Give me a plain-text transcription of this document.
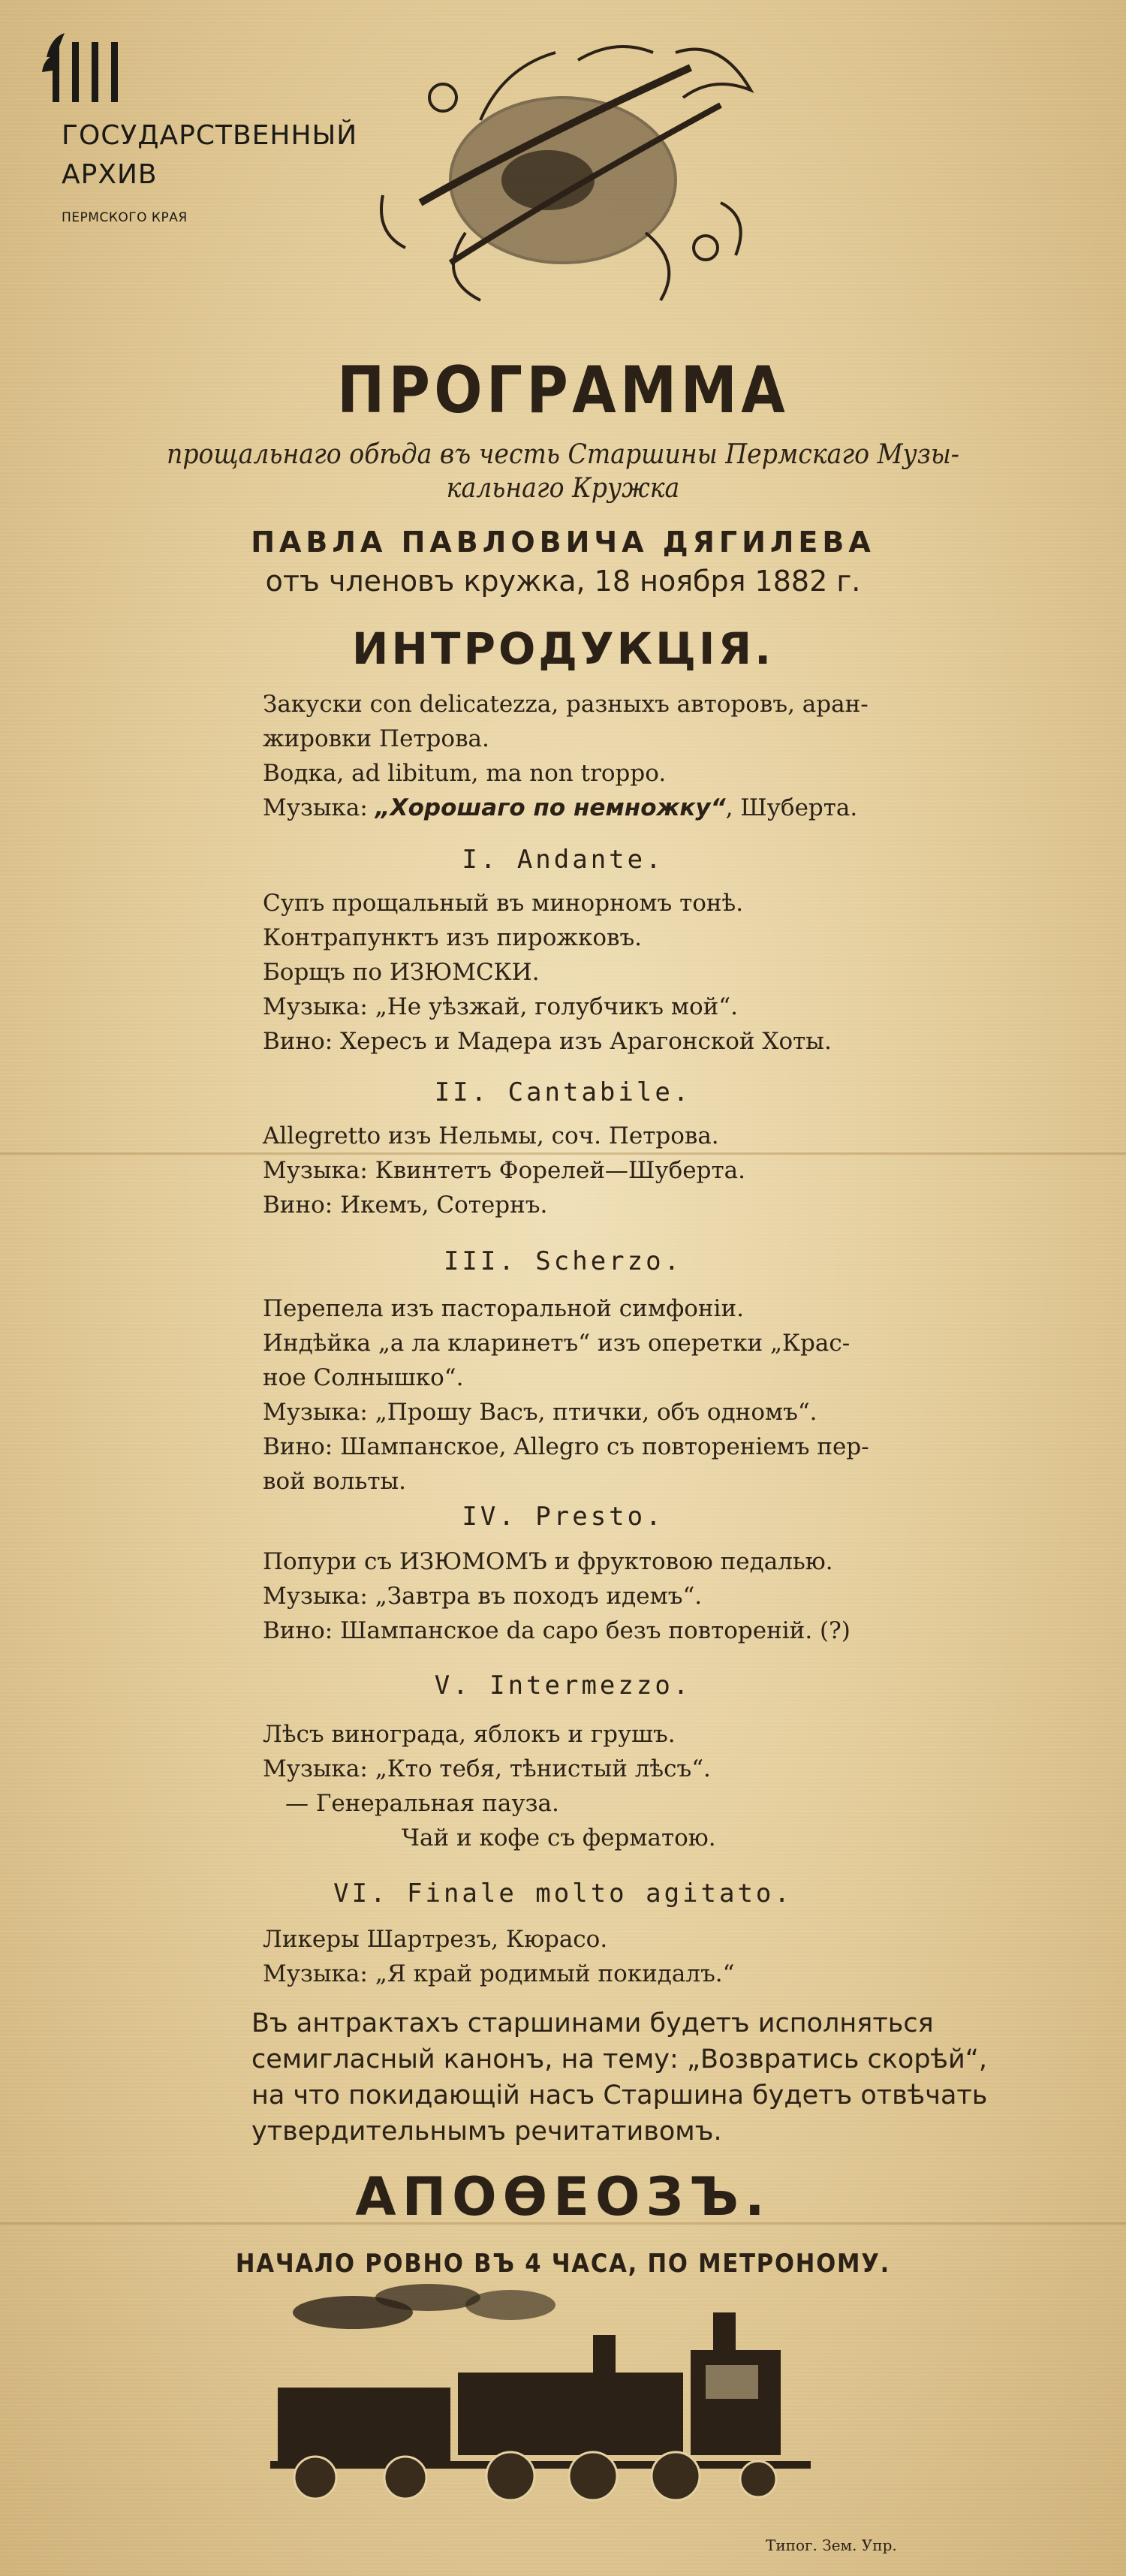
ГОСУДАРСТВЕННЫЙ
АРХИВ
ПЕРМСКОГО КРАЯ
ПРОГРАММА
прощальнаго обѣда въ честь Старшины Пермскаго Музы-
кальнаго Кружка
ПАВЛА ПАВЛОВИЧА ДЯГИЛЕВА
отъ членовъ кружка, 18 ноября 1882 г.
ИНТРОДУКЦІЯ.
Закуски con delicatezza, разныхъ авторовъ, аран-
жировки Петрова.
Водка, ad libitum, ma non troppo.
Музыка: „Хорошаго по немножку“, Шуберта.
I. Andante.
Супъ прощальный въ минорномъ тонѣ.
Контрапунктъ изъ пирожковъ.
Борщъ по ИЗЮМСКИ.
Музыка: „Не уѣзжай, голубчикъ мой“.
Вино: Хересъ и Мадера изъ Арагонской Хоты.
II. Cantabile.
Allegretto изъ Нельмы, соч. Петрова.
Музыка: Квинтетъ Форелей—Шуберта.
Вино: Икемъ, Сотернъ.
III. Scherzo.
Перепела изъ пасторальной симфоніи.
Индѣйка „а ла кларинетъ“ изъ оперетки „Крас-
ное Солнышко“.
Музыка: „Прошу Васъ, птички, объ одномъ“.
Вино: Шампанское, Allegro съ повтореніемъ пер-
вой вольты.
IV. Presto.
Попури съ ИЗЮМОМЪ и фруктовою педалью.
Музыка: „Завтра въ походъ идемъ“.
Вино: Шампанское da capo безъ повтореній. (?)
V. Intermezzo.
Лѣсъ винограда, яблокъ и грушъ.
Музыка: „Кто тебя, тѣнистый лѣсъ“.
— Генеральная пауза.
Чай и кофе съ ферматою.
VI. Finale molto agitato.
Ликеры Шартрезъ, Кюрасо.
Музыка: „Я край родимый покидалъ.“
Въ антрактахъ старшинами будетъ исполняться
семигласный канонъ, на тему: „Возвратись скорѣй“,
на что покидающій насъ Старшина будетъ отвѣчать
утвердительнымъ речитативомъ.
АПОѲЕОЗЪ.
НАЧАЛО РОВНО ВЪ 4 ЧАСА, ПО МЕТРОНОМУ.
Типог. Зем. Упр.
